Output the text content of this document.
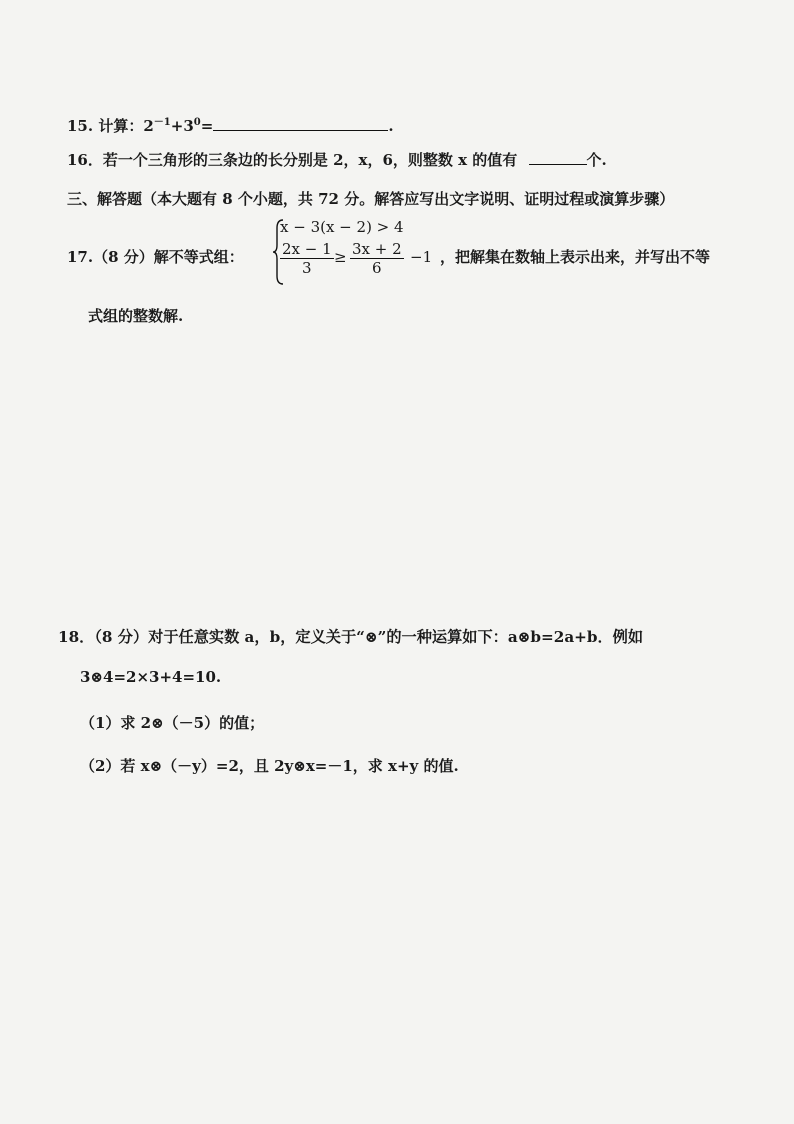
15. 计算：$2^{-1}+3^0=$	.
16．若一个三角形的三条边的长分别是 2，x，6，则整数 x 的值有	个.
三、解答题（本大题有 8 个小题，共 72 分。解答应写出文字说明、证明过程或演算步骤）
17.（8 分）解不等式组：
x − 3(x − 2) > 4
$\frac{2x - 1}{3} \ge \frac{3x + 2}{6} -1$ ，把解集在数轴上表示出来，并写出不等
式组的整数解.
18．（8 分）对于任意实数 a，b，定义关于“⊗”的一种运算如下：a⊗b=2a+b．例如
3⊗4=2×3+4=10.
（1）求 2⊗（－5）的值；
（2）若 x⊗（－y）=2，且 2y⊗x=－1，求 x+y 的值.
